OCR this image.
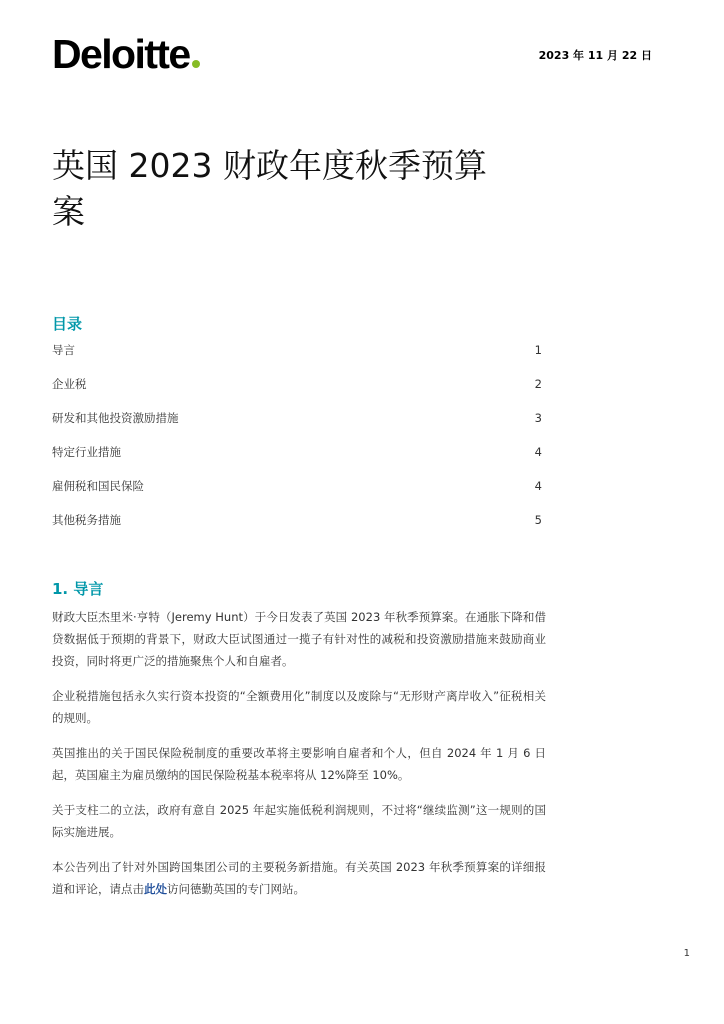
Deloitte	2023 年 11 月 22 日
英国 2023 财政年度秋季预算案
目录
导言	1
企业税	2
研发和其他投资激励措施	3
特定行业措施	4
雇佣税和国民保险	4
其他税务措施	5
1. 导言

财政大臣杰里米·亨特（Jeremy Hunt）于今日发表了英国 2023 年秋季预算案。在通胀下降和借贷数据低于预期的背景下，财政大臣试图通过一揽子有针对性的减税和投资激励措施来鼓励商业投资，同时将更广泛的措施聚焦个人和自雇者。

企业税措施包括永久实行资本投资的“全额费用化”制度以及废除与“无形财产离岸收入”征税相关的规则。

英国推出的关于国民保险税制度的重要改革将主要影响自雇者和个人，但自 2024 年 1 月 6 日起，英国雇主为雇员缴纳的国民保险税基本税率将从 12%降至 10%。

关于支柱二的立法，政府有意自 2025 年起实施低税利润规则，不过将“继续监测”这一规则的国际实施进展。

本公告列出了针对外国跨国集团公司的主要税务新措施。有关英国 2023 年秋季预算案的详细报道和评论，请点击此处访问德勤英国的专门网站。

1
